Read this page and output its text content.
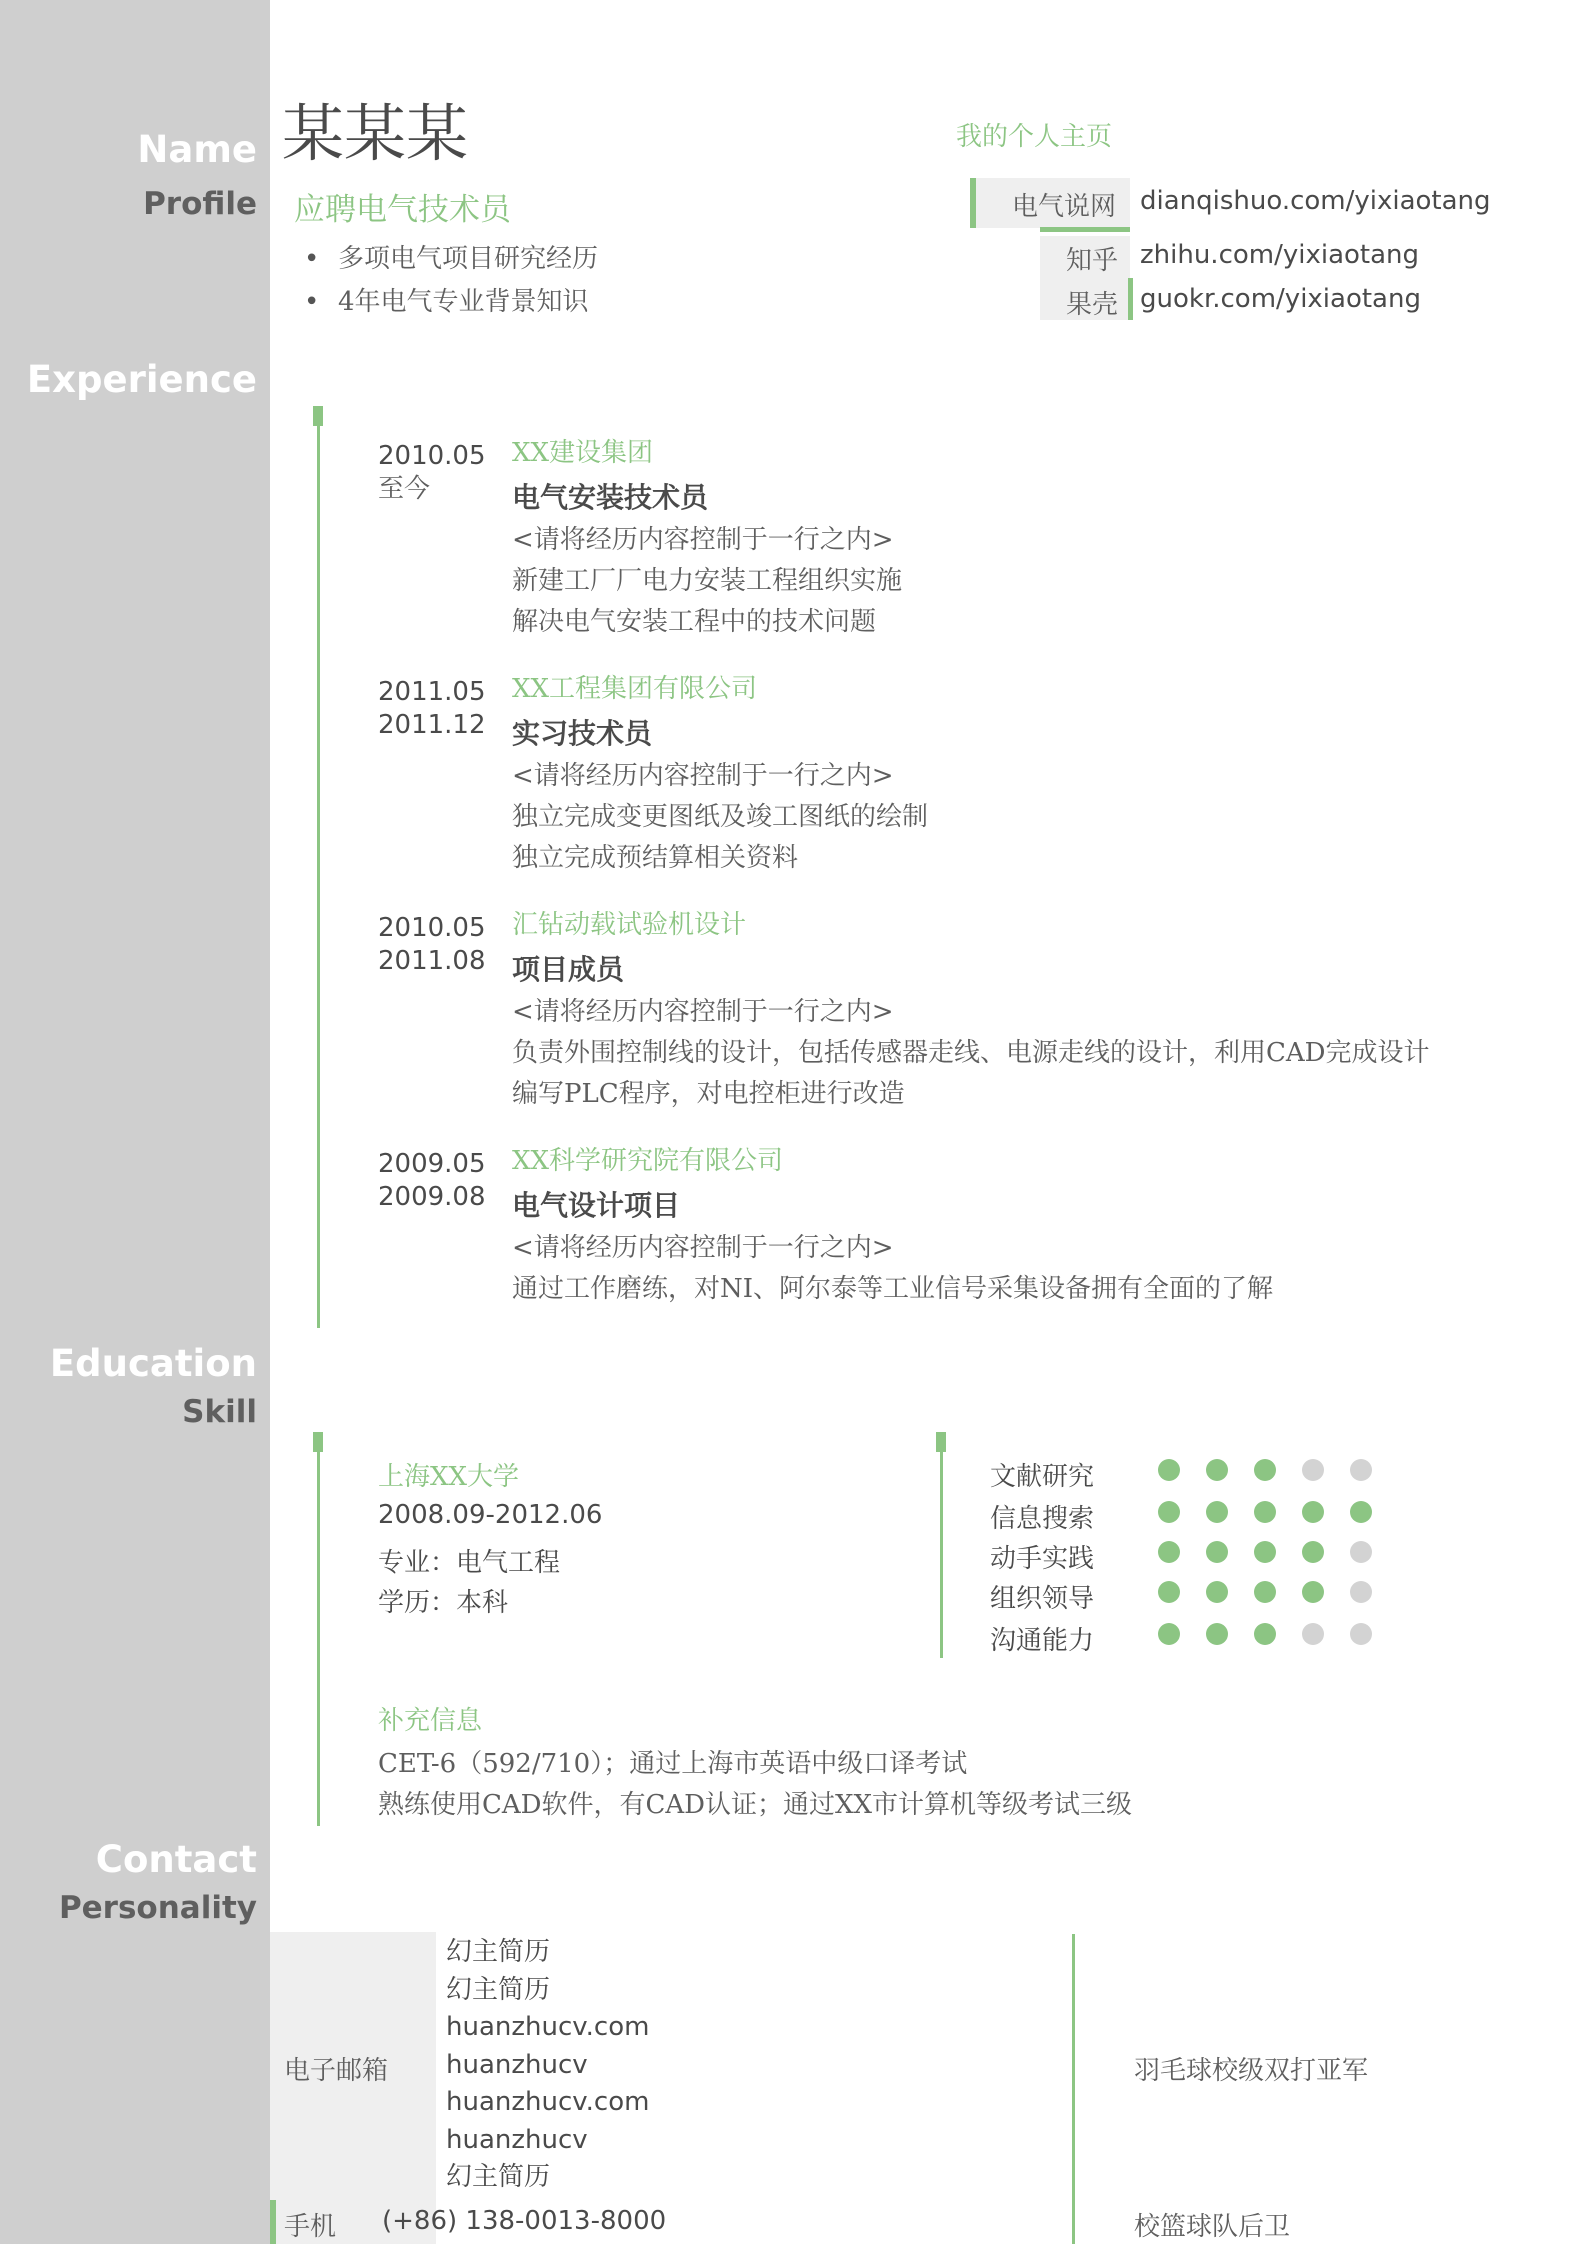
Name
Profile
Experience
Education
Skill
Contact
Personality
某某某
应聘电气技术员
• 多项电气项目研究经历
• 4年电气专业背景知识
我的个人主页
电气说网 dianqishuo.com/yixiaotang
知乎 zhihu.com/yixiaotang
果壳 guokr.com/yixiaotang
2010.05
至今
XX建设集团
电气安装技术员
<请将经历内容控制于一行之内>
新建工厂厂电力安装工程组织实施
解决电气安装工程中的技术问题
2011.05
2011.12
XX工程集团有限公司
实习技术员
<请将经历内容控制于一行之内>
独立完成变更图纸及竣工图纸的绘制
独立完成预结算相关资料
2010.05
2011.08
汇钻动载试验机设计
项目成员
<请将经历内容控制于一行之内>
负责外围控制线的设计，包括传感器走线、电源走线的设计，利用CAD完成设计
编写PLC程序，对电控柜进行改造
2009.05
2009.08
XX科学研究院有限公司
电气设计项目
<请将经历内容控制于一行之内>
通过工作磨练，对NI、阿尔泰等工业信号采集设备拥有全面的了解
上海XX大学
2008.09-2012.06
专业：电气工程
学历：本科
文献研究
信息搜索
动手实践
组织领导
沟通能力
补充信息
CET-6（592/710）；通过上海市英语中级口译考试
熟练使用CAD软件，有CAD认证；通过XX市计算机等级考试三级
电子邮箱
幻主简历
幻主简历
huanzhucv.com
huanzhucv
huanzhucv.com
huanzhucv
幻主简历
手机 (+86) 138-0013-8000
羽毛球校级双打亚军
校篮球队后卫
